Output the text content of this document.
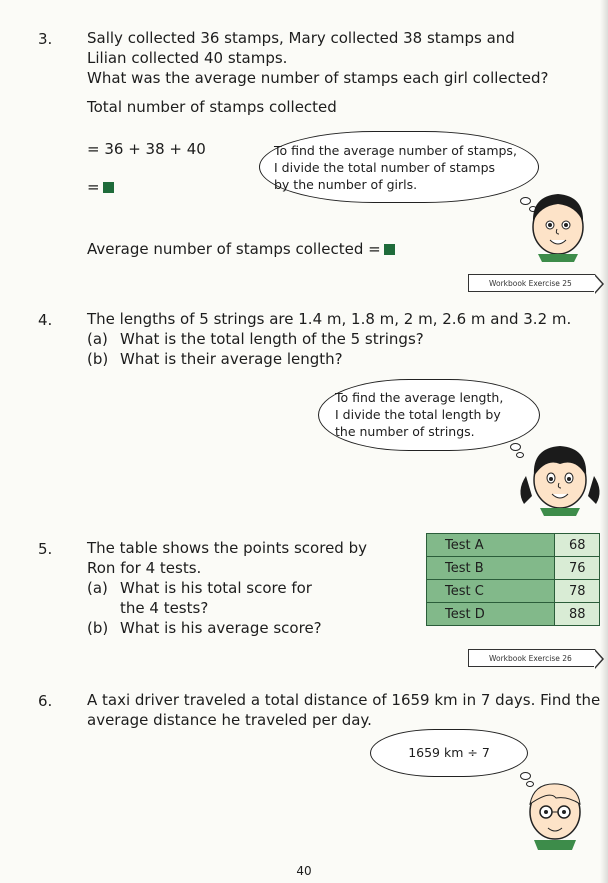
3. Sally collected 36 stamps, Mary collected 38 stamps and
Lilian collected 40 stamps.
What was the average number of stamps each girl collected?
Total number of stamps collected
= 36 + 38 + 40
=
To find the average number of stamps,
I divide the total number of stamps
by the number of girls.
Average number of stamps collected =
Workbook Exercise 25
4. The lengths of 5 strings are 1.4 m, 1.8 m, 2 m, 2.6 m and 3.2 m.
(a) What is the total length of the 5 strings?
(b) What is their average length?
To find the average length,
I divide the total length by
the number of strings.
5. The table shows the points scored by
Ron for 4 tests.
(a) What is his total score for
the 4 tests?
(b) What is his average score?
Test A	68
Test B	76
Test C	78
Test D	88
Workbook Exercise 26
6. A taxi driver traveled a total distance of 1659 km in 7 days. Find the
average distance he traveled per day.
1659 km ÷ 7
40
